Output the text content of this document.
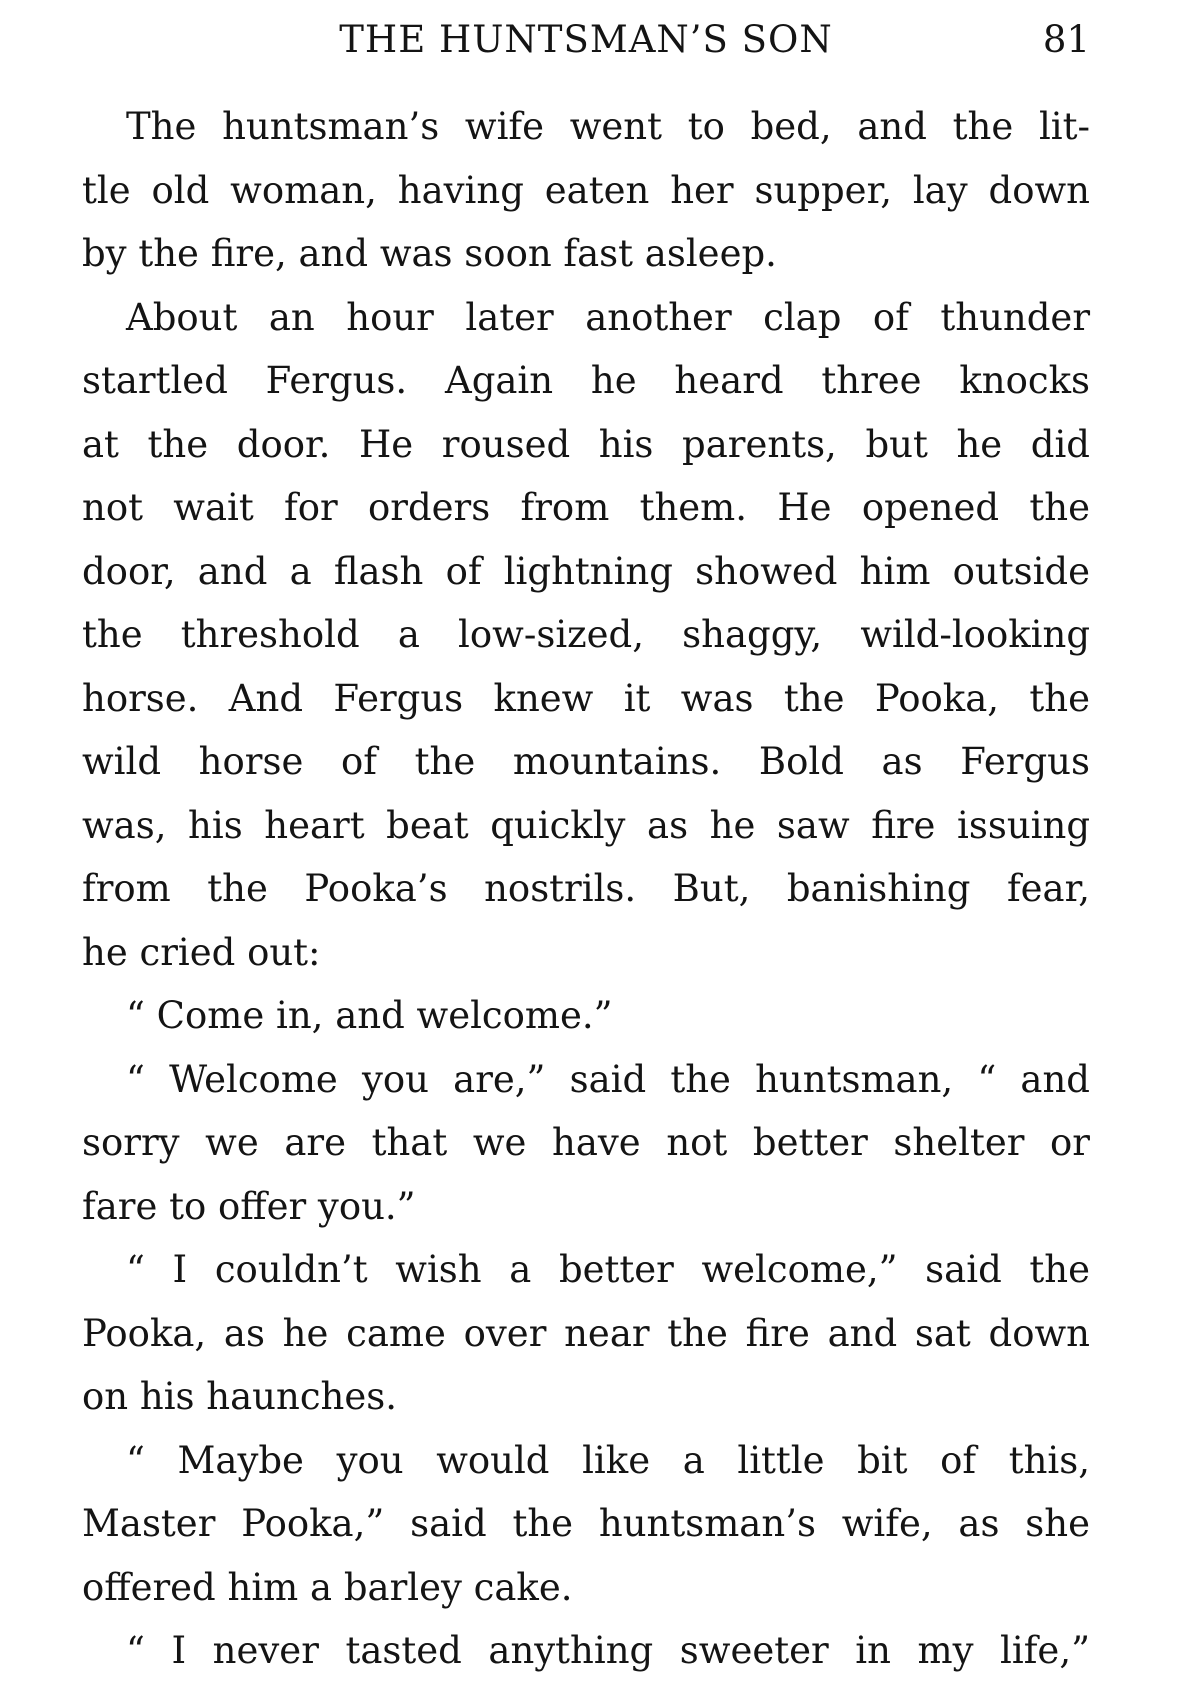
THE HUNTSMAN’S SON	81
The huntsman’s wife went to bed, and the lit-
tle old woman, having eaten her supper, lay down
by the fire, and was soon fast asleep.
About an hour later another clap of thunder
startled Fergus. Again he heard three knocks
at the door. He roused his parents, but he did
not wait for orders from them. He opened the
door, and a flash of lightning showed him outside
the threshold a low-sized, shaggy, wild-looking
horse. And Fergus knew it was the Pooka, the
wild horse of the mountains. Bold as Fergus
was, his heart beat quickly as he saw fire issuing
from the Pooka’s nostrils. But, banishing fear,
he cried out:
“ Come in, and welcome.”
“ Welcome you are,” said the huntsman, “ and
sorry we are that we have not better shelter or
fare to offer you.”
“ I couldn’t wish a better welcome,” said the
Pooka, as he came over near the fire and sat down
on his haunches.
“ Maybe you would like a little bit of this,
Master Pooka,” said the huntsman’s wife, as she
offered him a barley cake.
“ I never tasted anything sweeter in my life,”
